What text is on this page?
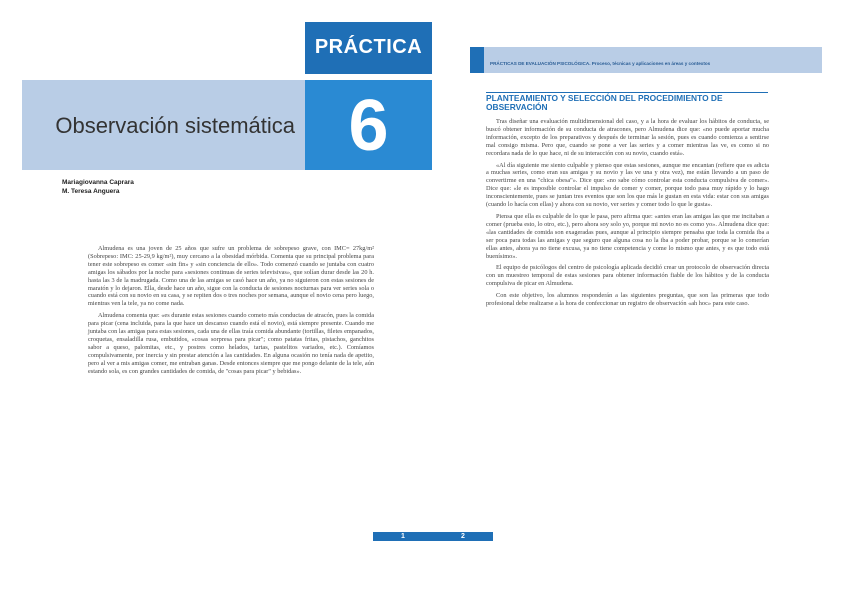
PRÁCTICA
Observación sistemática 6
Mariagiovanna Caprara
M. Teresa Anguera

Almudena es una joven de 25 años que sufre un problema de sobrepeso grave, con IMC= 27kg/m² (Sobrepeso: IMC: 25-29,9 kg/m²), muy cercano a la obesidad mórbida. Comenta que su principal problema para tener este sobrepeso es comer «sin fin» y «sin conciencia de ello». Todo comenzó cuando se juntaba con cuatro amigas los sábados por la noche para «sesiones continuas de series televisivas», que solían durar desde las 20 h. hasta las 3 de la madrugada. Como una de las amigas se casó hace un año, ya no siguieron con estas sesiones de maratón y lo dejaron. Ella, desde hace un año, sigue con la conducta de sesiones nocturnas para ver series sola o cuando está con su novio en su casa, y se repiten dos o tres noches por semana, aunque el novio cena pero luego, mientras ven la tele, ya no come nada.

Almudena comenta que: «es durante estas sesiones cuando cometo más conductas de atracón, pues la comida para picar (cena incluida, para la que hace un descanso cuando está el novio), está siempre presente. Cuando me juntaba con las amigas para estas sesiones, cada una de ellas traía comida abundante (tortillas, filetes empanados, croquetas, ensaladilla rusa, embutidos, «cosas sorpresa para picar"; como patatas fritas, pistachos, ganchitos sabor a queso, palomitas, etc., y postres como helados, tartas, pastelitos variados, etc.). Comíamos compulsivamente, por inercia y sin prestar atención a las cantidades. En alguna ocasión no tenía nada de apetito, pero al ver a mis amigas comer, me entraban ganas. Desde entonces siempre que me pongo delante de la tele, aún estando sola, es con grandes cantidades de comida, de "cosas para picar" y bebidas».

PRÁCTICAS DE EVALUACIÓN PSICOLÓGICA. Proceso, técnicas y aplicaciones en áreas y contextos
PLANTEAMIENTO Y SELECCIÓN DEL PROCEDIMIENTO DE OBSERVACIÓN

Tras diseñar una evaluación multidimensional del caso, y a la hora de evaluar los hábitos de conducta, se buscó obtener información de su conducta de atracones, pero Almudena dice que: «no puede aportar mucha información, excepto de los preparativos y después de terminar la sesión, pues es cuando comienza a sentirse mal consigo misma. Pero que, cuando se pone a ver las series y a comer mientras las ve, es como si no recordara nada de lo que hace, ni de su interacción con su novio, cuando está».

«Al día siguiente me siento culpable y pienso que estas sesiones, aunque me encantan (refiere que es adicta a muchas series, como eran sus amigas y su novio y las ve una y otra vez), me están llevando a un paso de convertirme en una "chica obesa"». Dice que: «no sabe cómo controlar esta conducta compulsiva de comer». Dice que: «le es imposible controlar el impulso de comer y comer, porque todo pasa muy rápido y lo hago inconscientemente, pues se juntan tres eventos que son los que más le gustan en esta vida: estar con sus amigas (cuando lo hacía con ellas) y ahora con su novio, ver series y comer todo lo que le gusta».

Piensa que ella es culpable de lo que le pasa, pero afirma que: «antes eran las amigas las que me incitaban a comer (prueba esto, lo otro, etc.), pero ahora soy solo yo, porque mi novio no es como yo». Almudena dice que: «las cantidades de comida son exageradas pues, aunque al principio siempre pensaba que toda la comida iba a ser poca para todas las amigas y que seguro que alguna cosa no la iba a poder probar, porque se lo comerían ellas antes, ahora ya no tiene excusa, ya no tiene competencia y come lo mismo que antes, y es que todo está buenísimo».

El equipo de psicólogos del centro de psicología aplicada decidió crear un protocolo de observación directa con un muestreo temporal de estas sesiones para obtener información fiable de los hábitos y de la conducta compulsiva de picar en Almudena.

Con este objetivo, los alumnos responderán a las siguientes preguntas, que son las primeras que todo profesional debe realizarse a la hora de confeccionar un registro de observación «ah hoc» para este caso.

1	2
